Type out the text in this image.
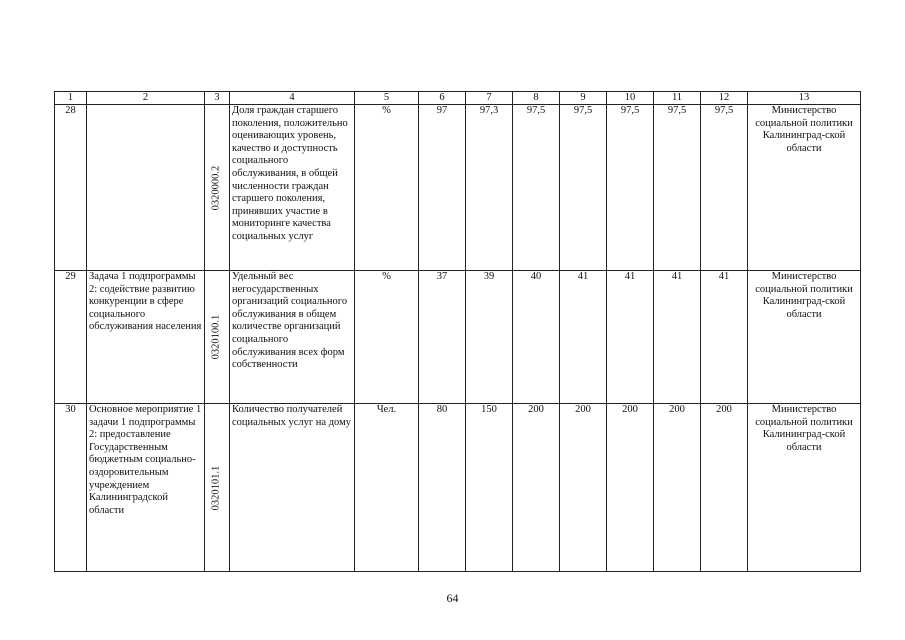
1	2	3	4	5	6	7	8	9	10	11	12	13
28		0320000.2	Доля граждан старшего поколения, положительно оценивающих уровень, качество и доступность социального обслуживания, в общей численности граждан старшего поколения, принявших участие в мониторинге качества социальных услуг	%	97	97,3	97,5	97,5	97,5	97,5	97,5	Министерство социальной политики Калининград-ской области
29	Задача 1 подпрограммы 2: содействие развитию конкуренции в сфере социального обслуживания населения	0320100.1	Удельный вес негосударственных организаций социального обслуживания в общем количестве организаций социального обслуживания всех форм собственности	%	37	39	40	41	41	41	41	Министерство социальной политики Калининград-ской области
30	Основное мероприятие 1 задачи 1 подпрограммы 2: предоставление Государственным бюджетным социально-оздоровительным учреждением Калининградской области	0320101.1	Количество получателей социальных услуг на дому	Чел.	80	150	200	200	200	200	200	Министерство социальной политики Калининград-ской области
64
